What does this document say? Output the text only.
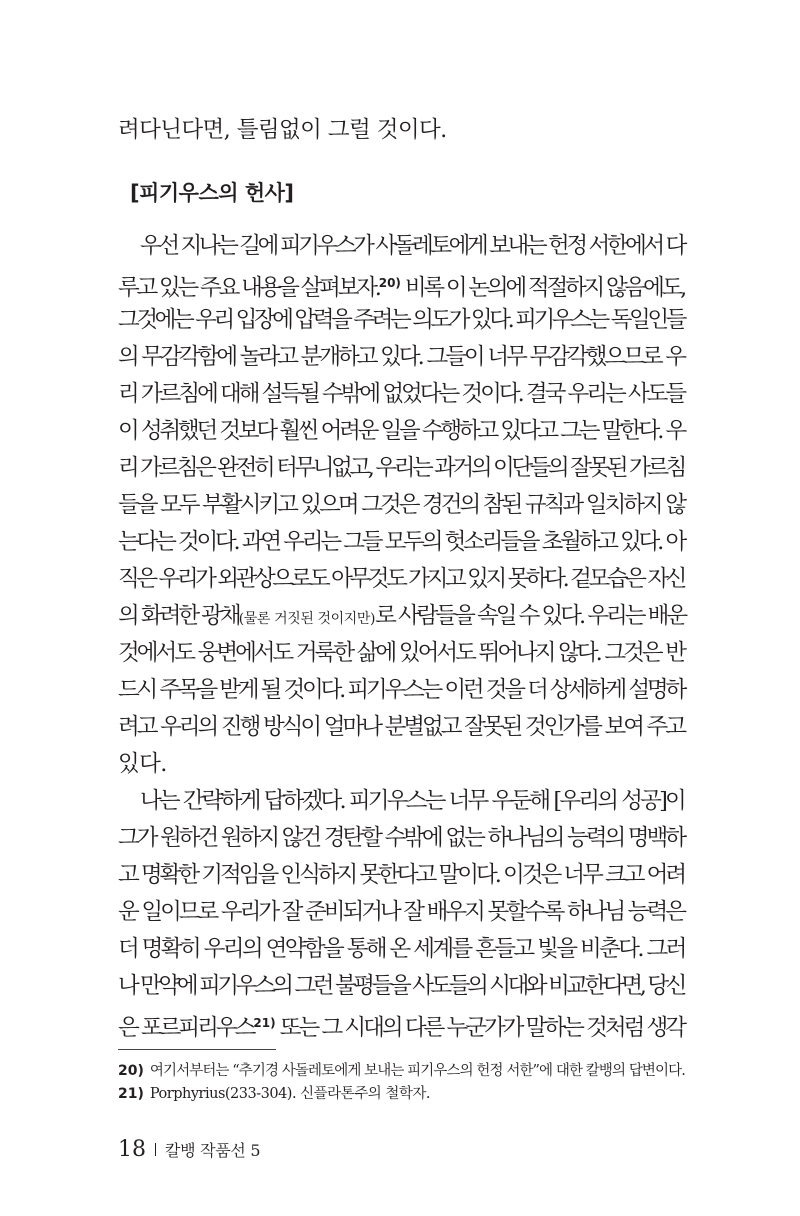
려다닌다면, 틀림없이 그럴 것이다.
[피기우스의 헌사]
우선 지나는 길에 피기우스가 사돌레토에게 보내는 헌정 서한에서 다
루고 있는 주요 내용을 살펴보자.$^{20)}$ 비록 이 논의에 적절하지 않음에도,
그것에는 우리 입장에 압력을 주려는 의도가 있다. 피기우스는 독일인들
의 무감각함에 놀라고 분개하고 있다. 그들이 너무 무감각했으므로 우
리 가르침에 대해 설득될 수밖에 없었다는 것이다. 결국 우리는 사도들
이 성취했던 것보다 훨씬 어려운 일을 수행하고 있다고 그는 말한다. 우
리 가르침은 완전히 터무니없고, 우리는 과거의 이단들의 잘못된 가르침
들을 모두 부활시키고 있으며 그것은 경건의 참된 규칙과 일치하지 않
는다는 것이다. 과연 우리는 그들 모두의 헛소리들을 초월하고 있다. 아
직은 우리가 외관상으로도 아무것도 가지고 있지 못하다. 겉모습은 자신
의 화려한 광채(물론 거짓된 것이지만)로 사람들을 속일 수 있다. 우리는 배운
것에서도 웅변에서도 거룩한 삶에 있어서도 뛰어나지 않다. 그것은 반
드시 주목을 받게 될 것이다. 피기우스는 이런 것을 더 상세하게 설명하
려고 우리의 진행 방식이 얼마나 분별없고 잘못된 것인가를 보여 주고
있다.
나는 간략하게 답하겠다. 피기우스는 너무 우둔해 [우리의 성공]이
그가 원하건 원하지 않건 경탄할 수밖에 없는 하나님의 능력의 명백하
고 명확한 기적임을 인식하지 못한다고 말이다. 이것은 너무 크고 어려
운 일이므로 우리가 잘 준비되거나 잘 배우지 못할수록 하나님 능력은
더 명확히 우리의 연약함을 통해 온 세계를 흔들고 빛을 비춘다. 그러
나 만약에 피기우스의 그런 불평들을 사도들의 시대와 비교한다면, 당신
은 포르피리우스$^{21)}$ 또는 그 시대의 다른 누군가가 말하는 것처럼 생각
20) 여기서부터는 “추기경 사돌레토에게 보내는 피기우스의 헌정 서한”에 대한 칼뱅의 답변이다.
21) Porphyrius(233-304). 신플라톤주의 철학자.
18 칼뱅 작품선 5
